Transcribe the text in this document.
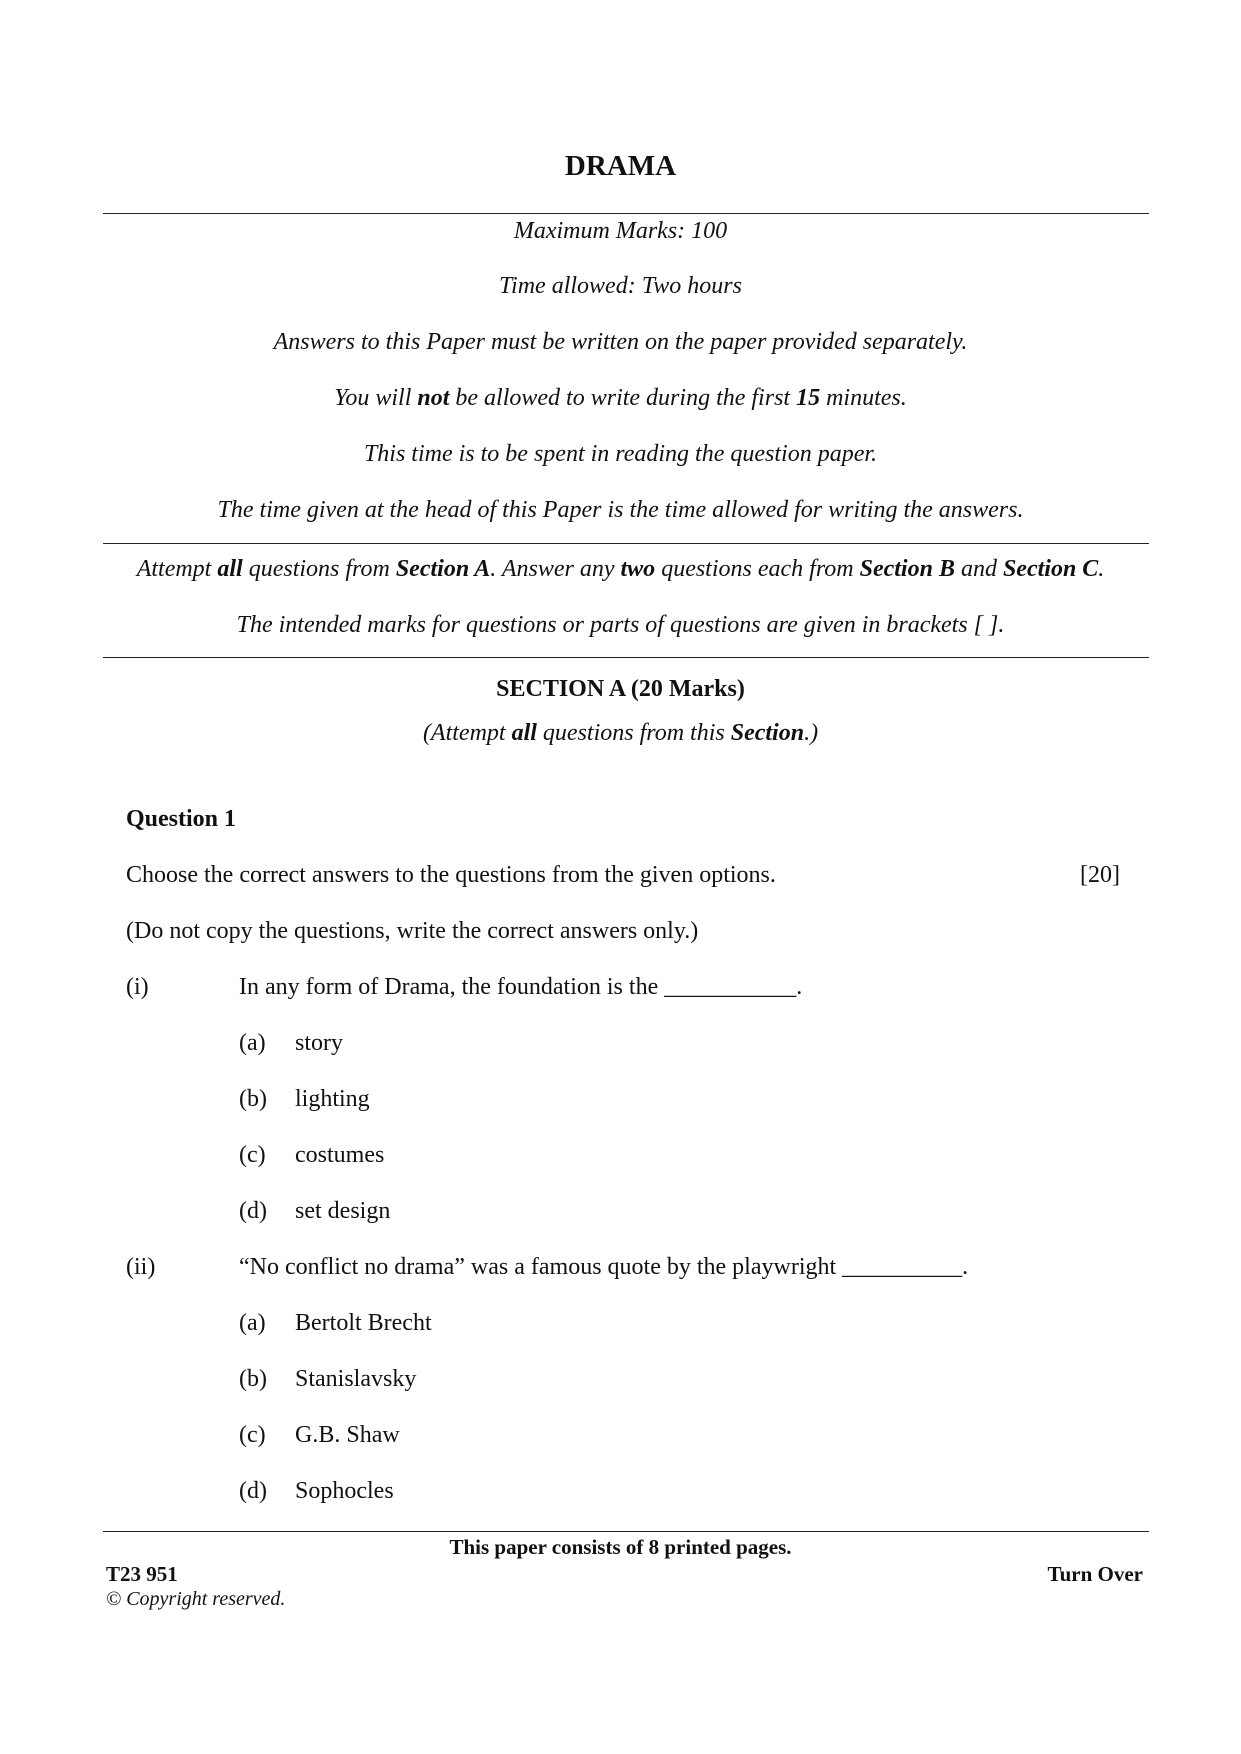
DRAMA
Maximum Marks: 100
Time allowed: Two hours
Answers to this Paper must be written on the paper provided separately.
You will not be allowed to write during the first 15 minutes.
This time is to be spent in reading the question paper.
The time given at the head of this Paper is the time allowed for writing the answers.
Attempt all questions from Section A. Answer any two questions each from Section B and Section C.
The intended marks for questions or parts of questions are given in brackets [ ].
SECTION A (20 Marks)
(Attempt all questions from this Section.)
Question 1
Choose the correct answers to the questions from the given options.	[20]
(Do not copy the questions, write the correct answers only.)
(i)	In any form of Drama, the foundation is the ___________.
(a) story
(b) lighting
(c) costumes
(d) set design
(ii)	“No conflict no drama” was a famous quote by the playwright __________.
(a) Bertolt Brecht
(b) Stanislavsky
(c) G.B. Shaw
(d) Sophocles
This paper consists of 8 printed pages.
T23 951	Turn Over
© Copyright reserved.
